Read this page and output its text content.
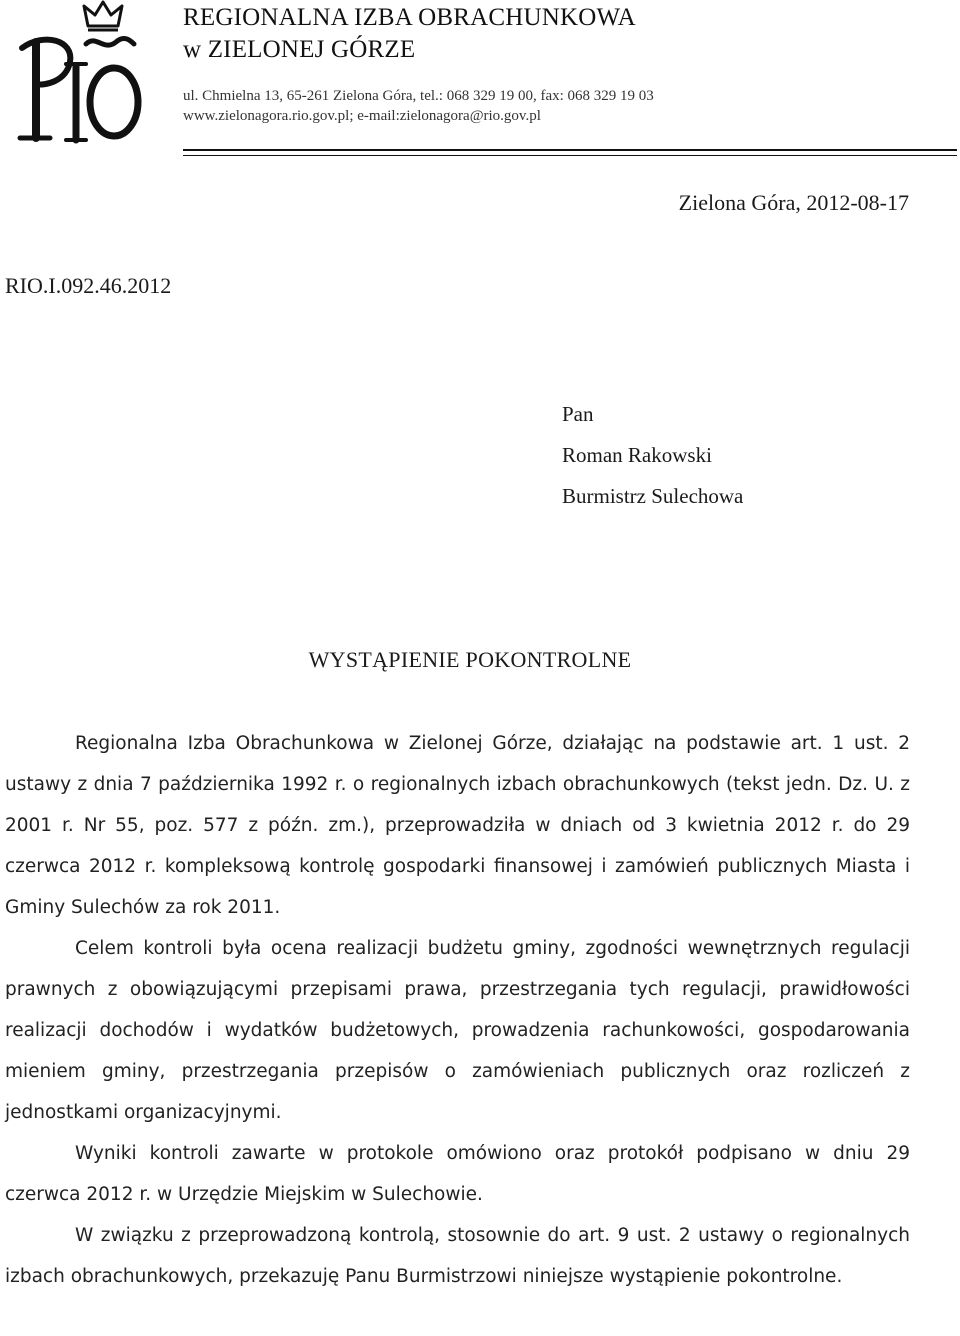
REGIONALNA IZBA OBRACHUNKOWA
w ZIELONEJ GÓRZE
ul. Chmielna 13, 65-261 Zielona Góra, tel.: 068 329 19 00, fax: 068 329 19 03
www.zielonagora.rio.gov.pl; e-mail:zielonagora@rio.gov.pl
Zielona Góra, 2012-08-17
RIO.I.092.46.2012
Pan
Roman Rakowski
Burmistrz Sulechowa
WYSTĄPIENIE POKONTROLNE

Regionalna Izba Obrachunkowa w Zielonej Górze, działając na podstawie art. 1 ust. 2 ustawy z dnia 7 października 1992 r. o regionalnych izbach obrachunkowych (tekst jedn. Dz. U. z 2001 r. Nr 55, poz. 577 z późn. zm.), przeprowadziła w dniach od 3 kwietnia 2012 r. do 29 czerwca 2012 r. kompleksową kontrolę gospodarki finansowej i zamówień publicznych Miasta i Gminy Sulechów za rok 2011.

Celem kontroli była ocena realizacji budżetu gminy, zgodności wewnętrznych regulacji prawnych z obowiązującymi przepisami prawa, przestrzegania tych regulacji, prawidłowości realizacji dochodów i wydatków budżetowych, prowadzenia rachunkowości, gospodarowania mieniem gminy, przestrzegania przepisów o zamówieniach publicznych oraz rozliczeń z jednostkami organizacyjnymi.

Wyniki kontroli zawarte w protokole omówiono oraz protokół podpisano w dniu 29 czerwca 2012 r. w Urzędzie Miejskim w Sulechowie.

W związku z przeprowadzoną kontrolą, stosownie do art. 9 ust. 2 ustawy o regionalnych izbach obrachunkowych, przekazuję Panu Burmistrzowi niniejsze wystąpienie pokontrolne.
